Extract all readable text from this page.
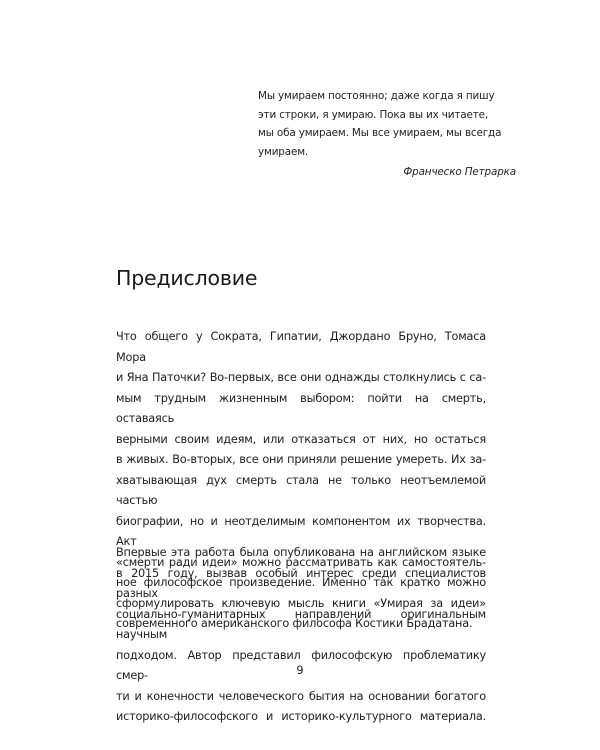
Мы умираем постоянно; даже когда я пишу
эти строки, я умираю. Пока вы их читаете,
мы оба умираем. Мы все умираем, мы всегда
умираем.
Франческо Петрарка
Предисловие
Что общего у Сократа, Гипатии, Джордано Бруно, Томаса Мора
и Яна Паточки? Во-первых, все они однажды столкнулись с са-
мым трудным жизненным выбором: пойти на смерть, оставаясь
верными своим идеям, или отказаться от них, но остаться
в живых. Во-вторых, все они приняли решение умереть. Их за-
хватывающая дух смерть стала не только неотъемлемой частью
биографии, но и неотделимым компонентом их творчества. Акт
«смерти ради идеи» можно рассматривать как самостоятель-
ное философское произведение. Именно так кратко можно
сформулировать ключевую мысль книги «Умирая за идеи»
современного американского философа Костики Брадатана.
Впервые эта работа была опубликована на английском языке
в 2015 году, вызвав особый интерес среди специалистов разных
социально-гуманитарных направлений оригинальным научным
подходом. Автор представил философскую проблематику смер-
ти и конечности человеческого бытия на основании богатого
историко-философского и историко-культурного материала.
9
